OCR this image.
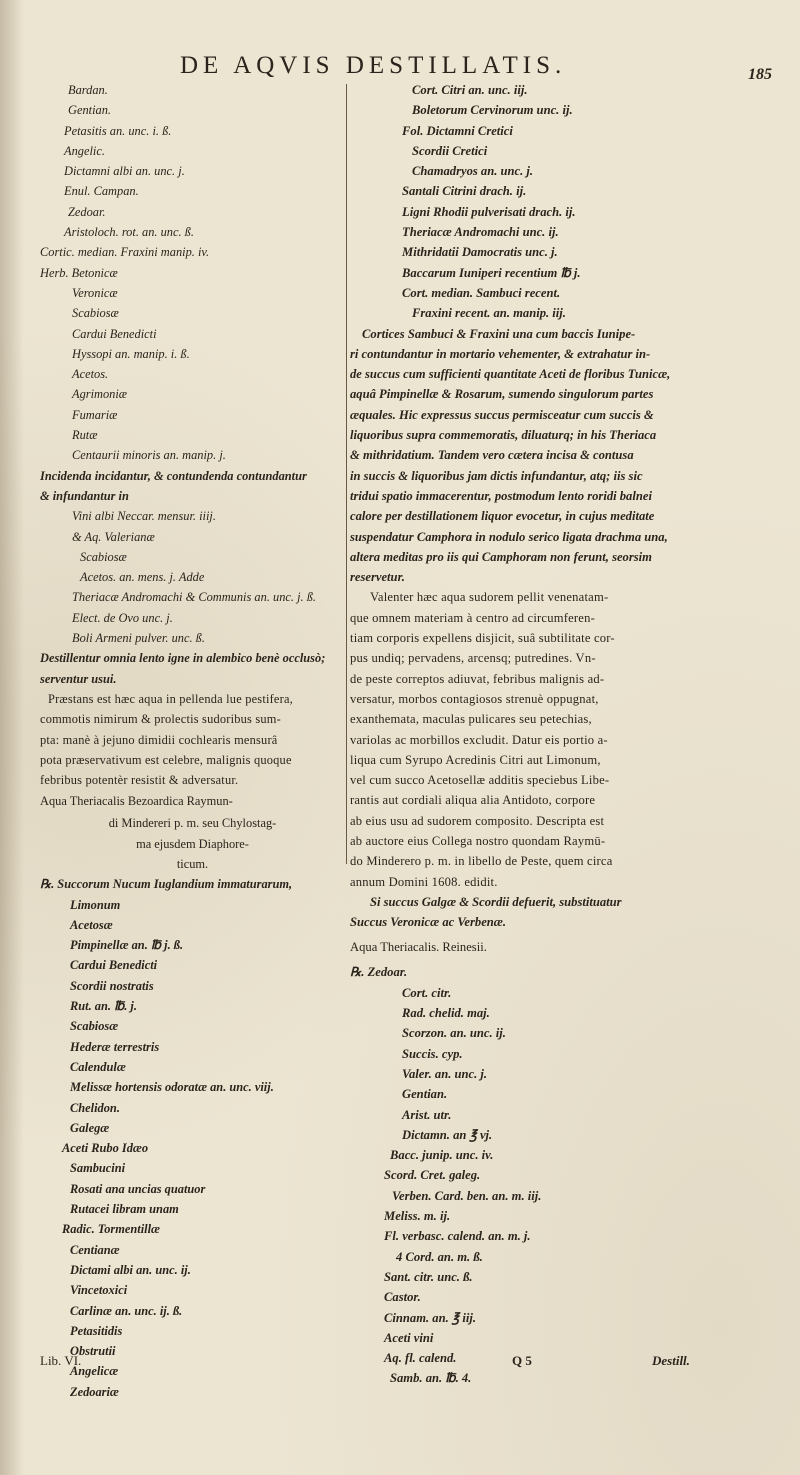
DE AQVIS DESTILLATIS.	185
Bardan.
Gentian.
Petasitis an. unc. i. ß.
Angelic.
Dictamni albi an. unc. j.
Enul. Campan.
Zedoar.
Aristoloch. rot. an. unc. ß.
Cortic. median. Fraxini manip. iv.
Herb. Betonicæ
Veronicæ
Scabiosæ
Cardui Benedicti
Hyssopi an. manip. i. ß.
Acetos.
Agrimoniæ
Fumariæ
Rutæ
Centaurii minoris an. manip. j.
Incidenda incidantur, & contundenda contundantur
& infundantur in
Vini albi Neccar. mensur. iiij.
& Aq. Valerianæ
Scabiosæ
Acetos. an. mens. j. Adde
Theriacæ Andromachi & Communis an. unc. j. ß.
Elect. de Ovo unc. j.
Boli Armeni pulver. unc. ß.
Destillentur omnia lento igne in alembico benè occlusò;
serventur usui.
Præstans est hæc aqua in pellenda lue pestifera,
commotis nimirum & prolectis sudoribus sum-
pta: manè à jejuno dimidii cochlearis mensurâ
pota præservativum est celebre, malignis quoque
febribus potentèr resistit & adversatur.
Aqua Theriacalis Bezoardica Raymun-
di Mindereri p. m. seu Chylostag-
ma ejusdem Diaphore-
ticum.
℞. Succorum Nucum Iuglandium immaturarum,
Limonum
Acetosæ
Pimpinellæ an. ℔ j. ß.
Cardui Benedicti
Scordii nostratis
Rut. an. ℔. j.
Scabiosæ
Hederæ terrestris
Calendulæ
Melissæ hortensis odoratæ an. unc. viij.
Chelidon.
Galegæ
Aceti Rubo Idæo
Sambucini
Rosati ana uncias quatuor
Rutacei libram unam
Radic. Tormentillæ
Centianæ
Dictami albi an. unc. ij.
Vincetoxici
Carlinæ an. unc. ij. ß.
Petasitidis
Obstrutii
Angelicæ
Zedoariæ
Cort. Citri an. unc. iij.
Boletorum Cervinorum unc. ij.
Fol. Dictamni Cretici
Scordii Cretici
Chamadryos an. unc. j.
Santali Citrini drach. ij.
Ligni Rhodii pulverisati drach. ij.
Theriacæ Andromachi unc. ij.
Mithridatii Damocratis unc. j.
Baccarum Iuniperi recentium ℔ j.
Cort. median. Sambuci recent.
Fraxini recent. an. manip. iij.
Cortices Sambuci & Fraxini una cum baccis Iunipe-
ri contundantur in mortario vehementer, & extrahatur in-
de succus cum sufficienti quantitate Aceti de floribus Tunicæ,
aquâ Pimpinellæ & Rosarum, sumendo singulorum partes
æquales. Hic expressus succus permisceatur cum succis &
liquoribus supra commemoratis, diluaturq; in his Theriaca
& mithridatium. Tandem vero cætera incisa & contusa
in succis & liquoribus jam dictis infundantur, atq; iis sic
tridui spatio immacerentur, postmodum lento roridi balnei
calore per destillationem liquor evocetur, in cujus meditate
suspendatur Camphora in nodulo serico ligata drachma una,
altera meditas pro iis qui Camphoram non ferunt, seorsim
reservetur.
Valenter hæc aqua sudorem pellit venenatam-
que omnem materiam à centro ad circumferen-
tiam corporis expellens disjicit, suâ subtilitate cor-
pus undiq; pervadens, arcensq; putredines. Vn-
de peste correptos adiuvat, febribus malignis ad-
versatur, morbos contagiosos strenuè oppugnat,
exanthemata, maculas pulicares seu petechias,
variolas ac morbillos excludit. Datur eis portio a-
liqua cum Syrupo Acredinis Citri aut Limonum,
vel cum succo Acetosellæ additis speciebus Libe-
rantis aut cordiali aliqua alia Antidoto, corpore
ab eius usu ad sudorem composito. Descripta est
ab auctore eius Collega nostro quondam Raymū-
do Minderero p. m. in libello de Peste, quem circa
annum Domini 1608. edidit.
Si succus Galgæ & Scordii defuerit, substituatur
Succus Veronicæ ac Verbenæ.
Aqua Theriacalis. Reinesii.
℞. Zedoar.
Cort. citr.
Rad. chelid. maj.
Scorzon. an. unc. ij.
Succis. cyp.
Valer. an. unc. j.
Gentian.
Arist. utr.
Dictamn. an ℥ vj.
Bacc. junip. unc. iv.
Scord. Cret. galeg.
Verben. Card. ben. an. m. iij.
Meliss. m. ij.
Fl. verbasc. calend. an. m. j.
4 Cord. an. m. ß.
Sant. citr. unc. ß.
Castor.
Cinnam. an. ℥ iij.
Aceti vini
Aq. fl. calend.
Samb. an. ℔. 4.
Lib. VI.	Q 5	Destill.
